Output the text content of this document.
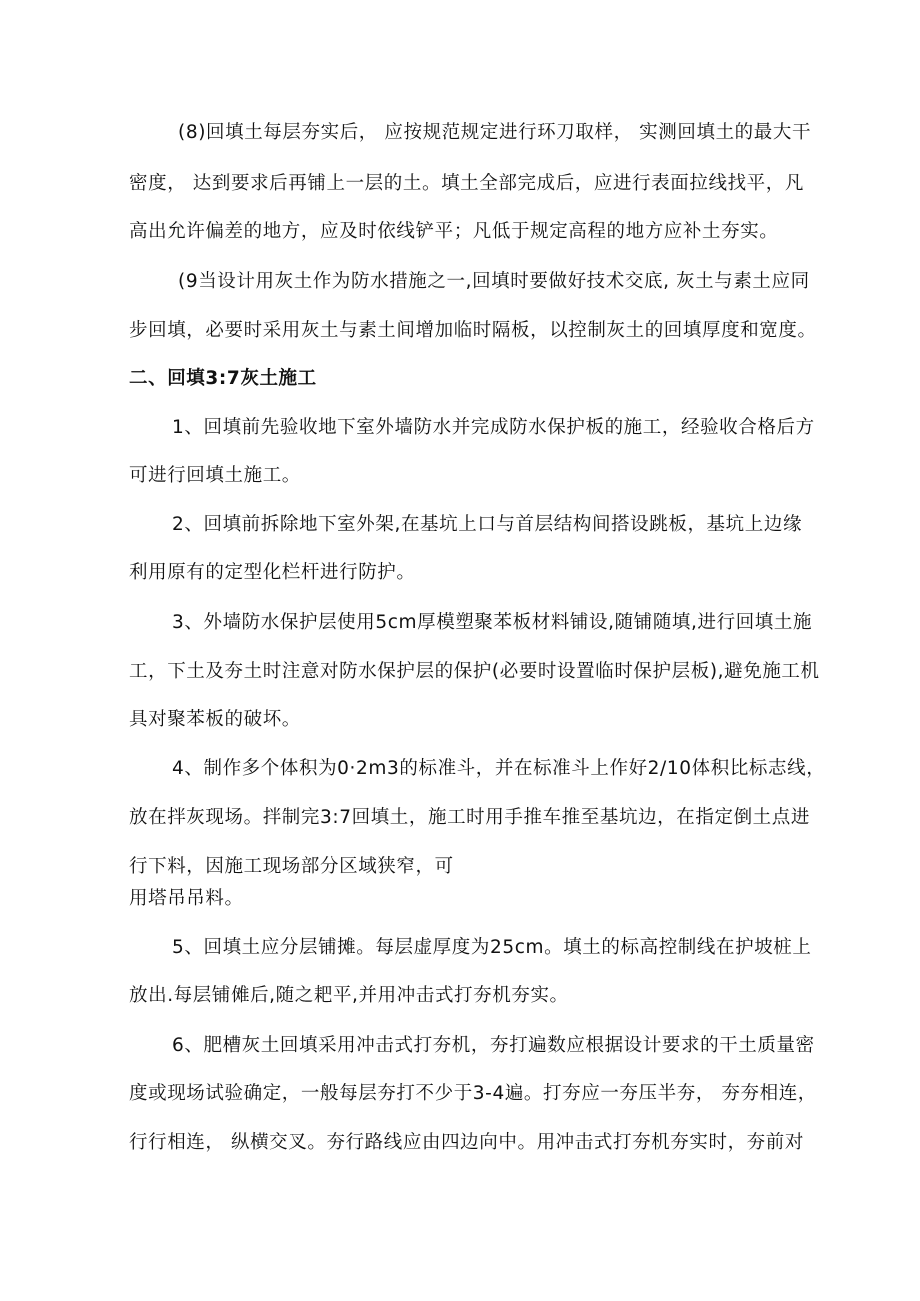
(8)回填土每层夯实后， 应按规范规定进行环刀取样， 实测回填土的最大干
密度， 达到要求后再铺上一层的土。填土全部完成后，应进行表面拉线找平，凡
高出允许偏差的地方，应及时依线铲平；凡低于规定高程的地方应补土夯实。
(9当设计用灰土作为防水措施之一,回填时要做好技术交底, 灰土与素土应同
步回填，必要时采用灰土与素土间增加临时隔板，以控制灰土的回填厚度和宽度。
二、回填3:7灰土施工
1、回填前先验收地下室外墙防水并完成防水保护板的施工，经验收合格后方
可进行回填土施工。
2、回填前拆除地下室外架,在基坑上口与首层结构间搭设跳板，基坑上边缘
利用原有的定型化栏杆进行防护。
3、外墙防水保护层使用5cm厚模塑聚苯板材料铺设,随铺随填,进行回填土施
工，下土及夯土时注意对防水保护层的保护(必要时设置临时保护层板),避免施工机
具对聚苯板的破坏。
4、制作多个体积为0·2m3的标准斗，并在标准斗上作好2/10体积比标志线，
放在拌灰现场。拌制完3:7回填土，施工时用手推车推至基坑边，在指定倒土点进
行下料，因施工现场部分区域狭窄，可
用塔吊吊料。
5、回填土应分层铺摊。每层虚厚度为25cm。填土的标高控制线在护坡桩上
放出.每层铺傩后,随之耙平,并用冲击式打夯机夯实。
6、肥槽灰土回填采用冲击式打夯机，夯打遍数应根据设计要求的干土质量密
度或现场试验确定，一般每层夯打不少于3-4遍。打夯应一夯压半夯， 夯夯相连，
行行相连， 纵横交叉。夯行路线应由四边向中。用冲击式打夯机夯实时，夯前对
